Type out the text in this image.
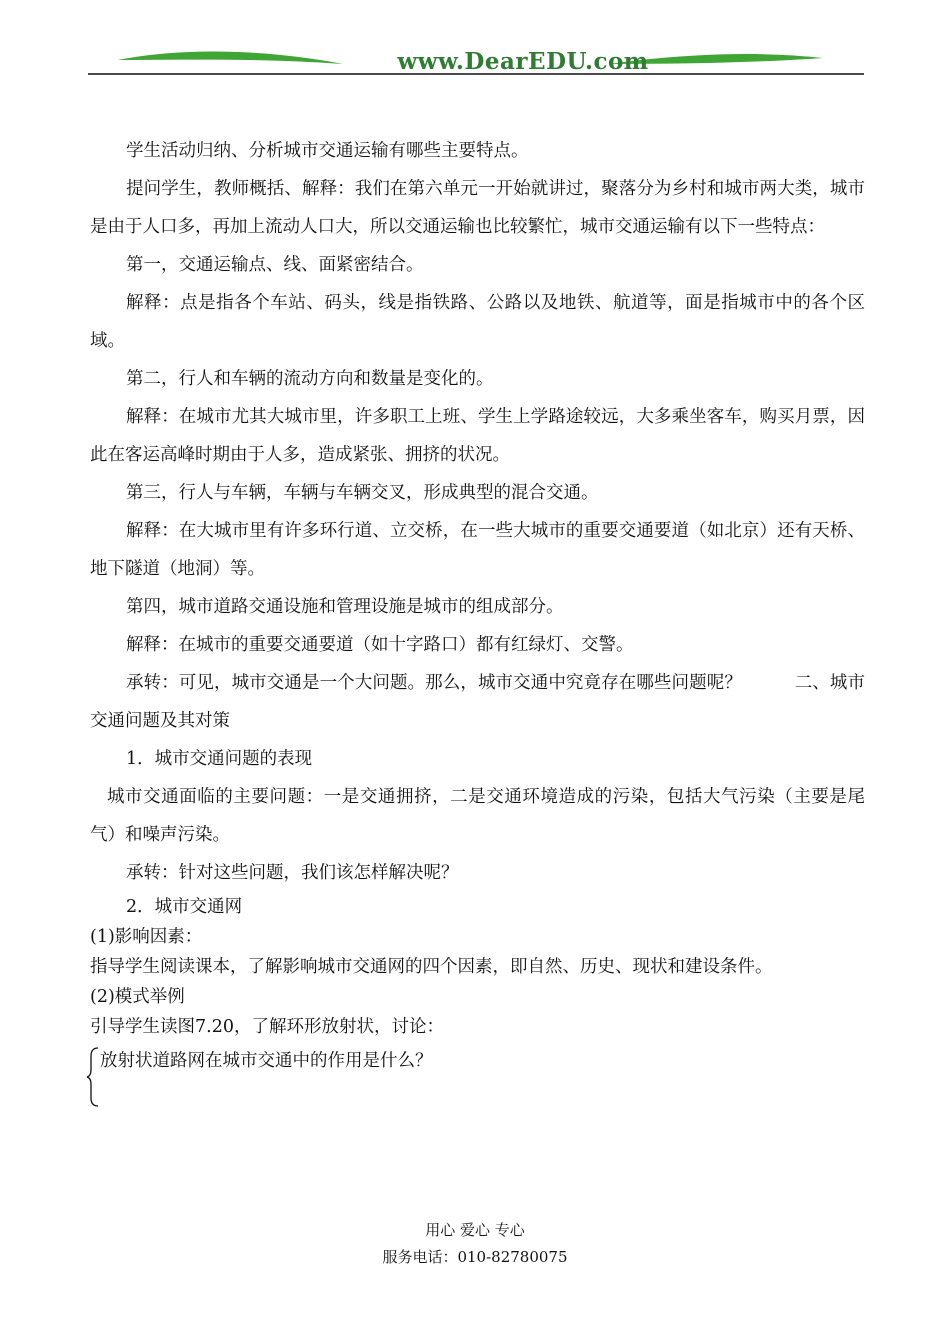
www.DearEDU.com

学生活动归纳、分析城市交通运输有哪些主要特点。

提问学生，教师概括、解释：我们在第六单元一开始就讲过，聚落分为乡村和城市两大类，城市是由于人口多，再加上流动人口大，所以交通运输也比较繁忙，城市交通运输有以下一些特点：

第一，交通运输点、线、面紧密结合。

解释：点是指各个车站、码头，线是指铁路、公路以及地铁、航道等，面是指城市中的各个区域。

第二，行人和车辆的流动方向和数量是变化的。

解释：在城市尤其大城市里，许多职工上班、学生上学路途较远，大多乘坐客车，购买月票，因此在客运高峰时期由于人多，造成紧张、拥挤的状况。

第三，行人与车辆，车辆与车辆交叉，形成典型的混合交通。

解释：在大城市里有许多环行道、立交桥，在一些大城市的重要交通要道（如北京）还有天桥、地下隧道（地洞）等。

第四，城市道路交通设施和管理设施是城市的组成部分。

解释：在城市的重要交通要道（如十字路口）都有红绿灯、交警。

承转：可见，城市交通是一个大问题。那么，城市交通中究竟存在哪些问题呢？　　　二、城市交通问题及其对策

1．城市交通问题的表现

城市交通面临的主要问题：一是交通拥挤，二是交通环境造成的污染，包括大气污染（主要是尾气）和噪声污染。

承转：针对这些问题，我们该怎样解决呢？

2．城市交通网

(1)影响因素：

指导学生阅读课本，了解影响城市交通网的四个因素，即自然、历史、现状和建设条件。

(2)模式举例

引导学生读图7.20，了解环形放射状，讨论：

放射状道路网在城市交通中的作用是什么？

用心 爱心 专心
服务电话：010-82780075
